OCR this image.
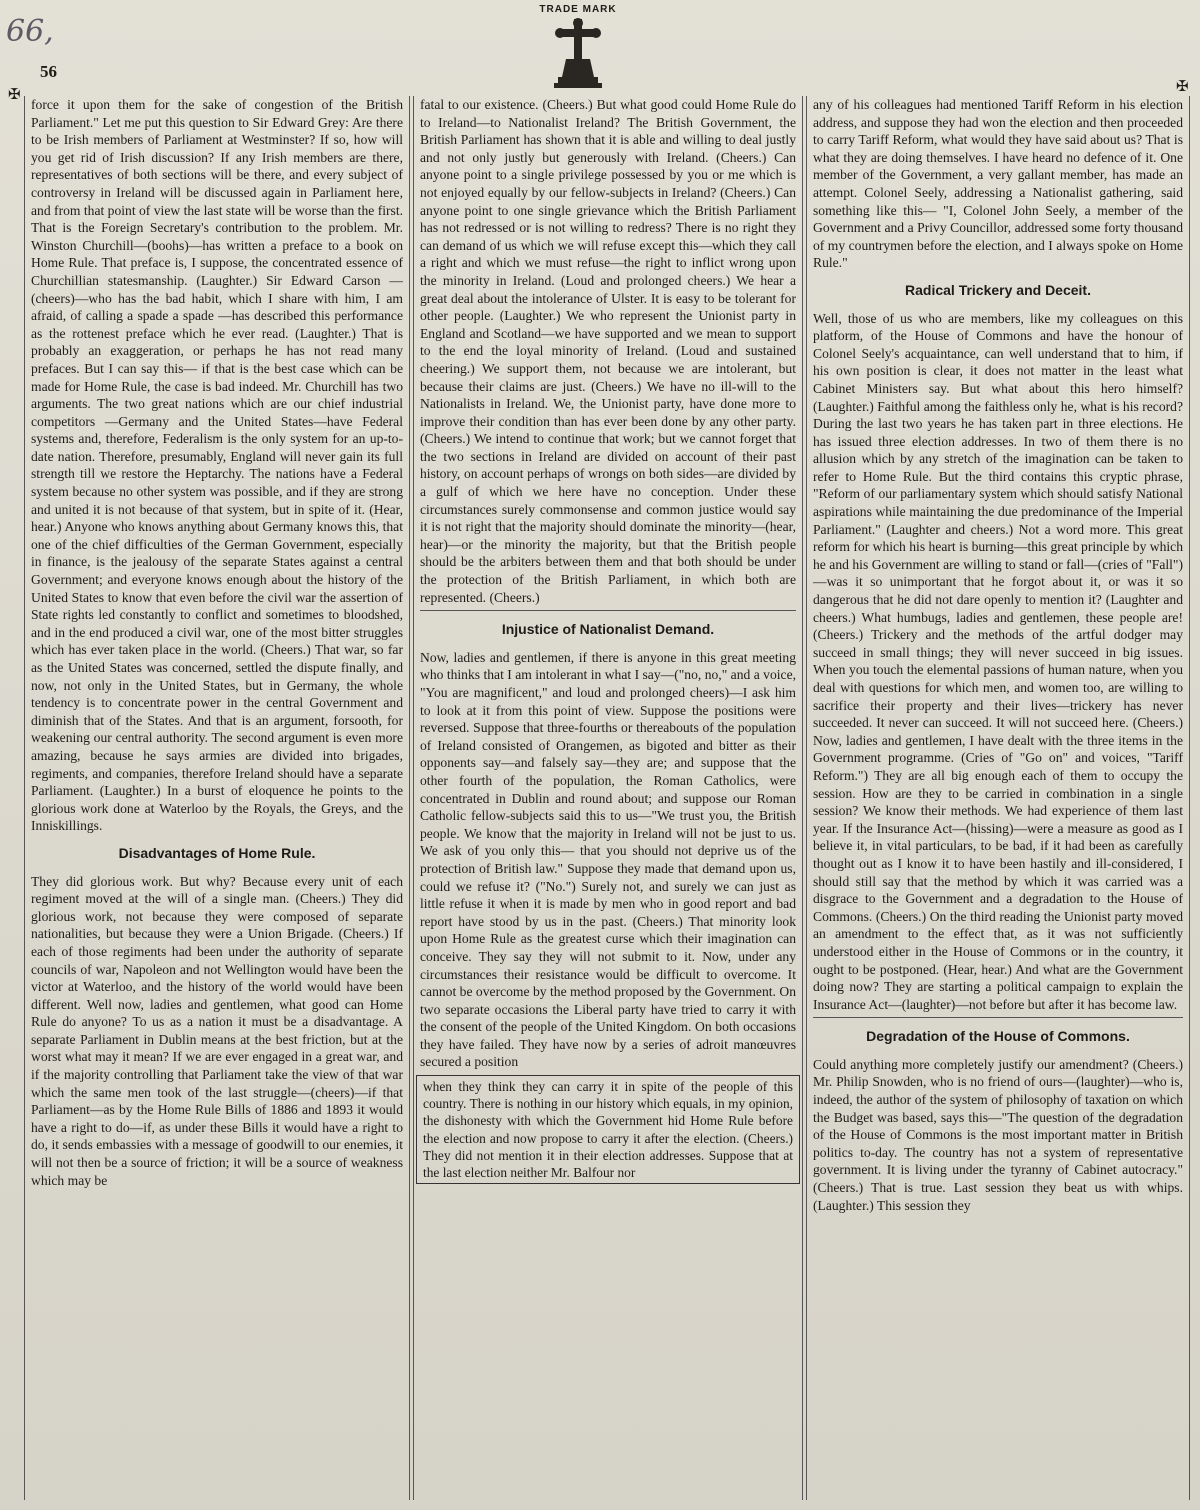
66,
56
TRADE MARK
✠	✠

force it upon them for the sake of congestion of the British Parliament." Let me put this question to Sir Edward Grey: Are there to be Irish members of Parliament at Westminster? If so, how will you get rid of Irish discussion? If any Irish members are there, representatives of both sections will be there, and every subject of controversy in Ireland will be discussed again in Parliament here, and from that point of view the last state will be worse than the first. That is the Foreign Secretary's contribution to the problem. Mr. Winston Churchill—(boohs)—has written a preface to a book on Home Rule. That preface is, I suppose, the concentrated essence of Churchillian statesmanship. (Laughter.) Sir Edward Carson —(cheers)—who has the bad habit, which I share with him, I am afraid, of calling a spade a spade —has described this performance as the rottenest preface which he ever read. (Laughter.) That is probably an exaggeration, or perhaps he has not read many prefaces. But I can say this— if that is the best case which can be made for Home Rule, the case is bad indeed. Mr. Churchill has two arguments. The two great nations which are our chief industrial competitors —Germany and the United States—have Federal systems and, therefore, Federalism is the only system for an up-to-date nation. Therefore, presumably, England will never gain its full strength till we restore the Heptarchy. The nations have a Federal system because no other system was possible, and if they are strong and united it is not because of that system, but in spite of it. (Hear, hear.) Anyone who knows anything about Germany knows this, that one of the chief difficulties of the German Government, especially in finance, is the jealousy of the separate States against a central Government; and everyone knows enough about the history of the United States to know that even before the civil war the assertion of State rights led constantly to conflict and sometimes to bloodshed, and in the end produced a civil war, one of the most bitter struggles which has ever taken place in the world. (Cheers.) That war, so far as the United States was concerned, settled the dispute finally, and now, not only in the United States, but in Germany, the whole tendency is to concentrate power in the central Government and diminish that of the States. And that is an argument, forsooth, for weakening our central authority. The second argument is even more amazing, because he says armies are divided into brigades, regiments, and companies, therefore Ireland should have a separate Parliament. (Laughter.) In a burst of eloquence he points to the glorious work done at Waterloo by the Royals, the Greys, and the Inniskillings.

Disadvantages of Home Rule.

They did glorious work. But why? Because every unit of each regiment moved at the will of a single man. (Cheers.) They did glorious work, not because they were composed of separate nationalities, but because they were a Union Brigade. (Cheers.) If each of those regiments had been under the authority of separate councils of war, Napoleon and not Wellington would have been the victor at Waterloo, and the history of the world would have been different. Well now, ladies and gentlemen, what good can Home Rule do anyone? To us as a nation it must be a disadvantage. A separate Parliament in Dublin means at the best friction, but at the worst what may it mean? If we are ever engaged in a great war, and if the majority controlling that Parliament take the view of that war which the same men took of the last struggle—(cheers)—if that Parliament—as by the Home Rule Bills of 1886 and 1893 it would have a right to do—if, as under these Bills it would have a right to do, it sends embassies with a message of goodwill to our enemies, it will not then be a source of friction; it will be a source of weakness which may be

fatal to our existence. (Cheers.) But what good could Home Rule do to Ireland—to Nationalist Ireland? The British Government, the British Parliament has shown that it is able and willing to deal justly and not only justly but generously with Ireland. (Cheers.) Can anyone point to a single privilege possessed by you or me which is not enjoyed equally by our fellow-subjects in Ireland? (Cheers.) Can anyone point to one single grievance which the British Parliament has not redressed or is not willing to redress? There is no right they can demand of us which we will refuse except this—which they call a right and which we must refuse—the right to inflict wrong upon the minority in Ireland. (Loud and prolonged cheers.) We hear a great deal about the intolerance of Ulster. It is easy to be tolerant for other people. (Laughter.) We who represent the Unionist party in England and Scotland—we have supported and we mean to support to the end the loyal minority of Ireland. (Loud and sustained cheering.) We support them, not because we are intolerant, but because their claims are just. (Cheers.) We have no ill-will to the Nationalists in Ireland. We, the Unionist party, have done more to improve their condition than has ever been done by any other party. (Cheers.) We intend to continue that work; but we cannot forget that the two sections in Ireland are divided on account of their past history, on account perhaps of wrongs on both sides—are divided by a gulf of which we here have no conception. Under these circumstances surely commonsense and common justice would say it is not right that the majority should dominate the minority—(hear, hear)—or the minority the majority, but that the British people should be the arbiters between them and that both should be under the protection of the British Parliament, in which both are represented. (Cheers.)

Injustice of Nationalist Demand.

Now, ladies and gentlemen, if there is anyone in this great meeting who thinks that I am intolerant in what I say—("no, no," and a voice, "You are magnificent," and loud and prolonged cheers)—I ask him to look at it from this point of view. Suppose the positions were reversed. Suppose that three-fourths or thereabouts of the population of Ireland consisted of Orangemen, as bigoted and bitter as their opponents say—and falsely say—they are; and suppose that the other fourth of the population, the Roman Catholics, were concentrated in Dublin and round about; and suppose our Roman Catholic fellow-subjects said this to us—"We trust you, the British people. We know that the majority in Ireland will not be just to us. We ask of you only this— that you should not deprive us of the protection of British law." Suppose they made that demand upon us, could we refuse it? ("No.") Surely not, and surely we can just as little refuse it when it is made by men who in good report and bad report have stood by us in the past. (Cheers.) That minority look upon Home Rule as the greatest curse which their imagination can conceive. They say they will not submit to it. Now, under any circumstances their resistance would be difficult to overcome. It cannot be overcome by the method proposed by the Government. On two separate occasions the Liberal party have tried to carry it with the consent of the people of the United Kingdom. On both occasions they have failed. They have now by a series of adroit manœuvres secured a position

when they think they can carry it in spite of the people of this country. There is nothing in our history which equals, in my opinion, the dishonesty with which the Government hid Home Rule before the election and now propose to carry it after the election. (Cheers.) They did not mention it in their election addresses. Suppose that at the last election neither Mr. Balfour nor

any of his colleagues had mentioned Tariff Reform in his election address, and suppose they had won the election and then proceeded to carry Tariff Reform, what would they have said about us? That is what they are doing themselves. I have heard no defence of it. One member of the Government, a very gallant member, has made an attempt. Colonel Seely, addressing a Nationalist gathering, said something like this— "I, Colonel John Seely, a member of the Government and a Privy Councillor, addressed some forty thousand of my countrymen before the election, and I always spoke on Home Rule."

Radical Trickery and Deceit.

Well, those of us who are members, like my colleagues on this platform, of the House of Commons and have the honour of Colonel Seely's acquaintance, can well understand that to him, if his own position is clear, it does not matter in the least what Cabinet Ministers say. But what about this hero himself? (Laughter.) Faithful among the faithless only he, what is his record? During the last two years he has taken part in three elections. He has issued three election addresses. In two of them there is no allusion which by any stretch of the imagination can be taken to refer to Home Rule. But the third contains this cryptic phrase, "Reform of our parliamentary system which should satisfy National aspirations while maintaining the due predominance of the Imperial Parliament." (Laughter and cheers.) Not a word more. This great reform for which his heart is burning—this great principle by which he and his Government are willing to stand or fall—(cries of "Fall")—was it so unimportant that he forgot about it, or was it so dangerous that he did not dare openly to mention it? (Laughter and cheers.) What humbugs, ladies and gentlemen, these people are! (Cheers.) Trickery and the methods of the artful dodger may succeed in small things; they will never succeed in big issues. When you touch the elemental passions of human nature, when you deal with questions for which men, and women too, are willing to sacrifice their property and their lives—trickery has never succeeded. It never can succeed. It will not succeed here. (Cheers.) Now, ladies and gentlemen, I have dealt with the three items in the Government programme. (Cries of "Go on" and voices, "Tariff Reform.") They are all big enough each of them to occupy the session. How are they to be carried in combination in a single session? We know their methods. We had experience of them last year. If the Insurance Act—(hissing)—were a measure as good as I believe it, in vital particulars, to be bad, if it had been as carefully thought out as I know it to have been hastily and ill-considered, I should still say that the method by which it was carried was a disgrace to the Government and a degradation to the House of Commons. (Cheers.) On the third reading the Unionist party moved an amendment to the effect that, as it was not sufficiently understood either in the House of Commons or in the country, it ought to be postponed. (Hear, hear.) And what are the Government doing now? They are starting a political campaign to explain the Insurance Act—(laughter)—not before but after it has become law.

Degradation of the House of Commons.

Could anything more completely justify our amendment? (Cheers.) Mr. Philip Snowden, who is no friend of ours—(laughter)—who is, indeed, the author of the system of philosophy of taxation on which the Budget was based, says this—"The question of the degradation of the House of Commons is the most important matter in British politics to-day. The country has not a system of representative government. It is living under the tyranny of Cabinet autocracy." (Cheers.) That is true. Last session they beat us with whips. (Laughter.) This session they
